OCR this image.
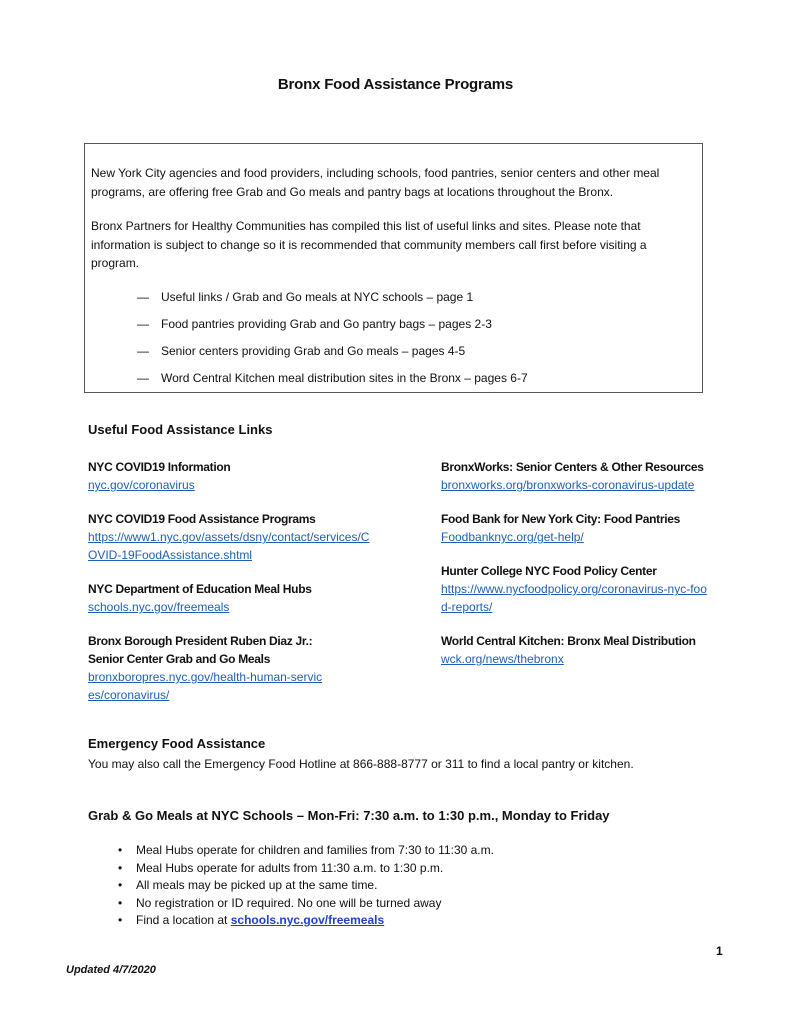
Bronx Food Assistance Programs

New York City agencies and food providers, including schools, food pantries, senior centers and other meal programs, are offering free Grab and Go meals and pantry bags at locations throughout the Bronx.

Bronx Partners for Healthy Communities has compiled this list of useful links and sites. Please note that information is subject to change so it is recommended that community members call first before visiting a program.

— Useful links / Grab and Go meals at NYC schools – page 1
— Food pantries providing Grab and Go pantry bags – pages 2-3
— Senior centers providing Grab and Go meals – pages 4-5
— Word Central Kitchen meal distribution sites in the Bronx – pages 6-7
Useful Food Assistance Links
NYC COVID19 Information
nyc.gov/coronavirus
NYC COVID19 Food Assistance Programs
https://www1.nyc.gov/assets/dsny/contact/services/COVID-19FoodAssistance.shtml
NYC Department of Education Meal Hubs
schools.nyc.gov/freemeals
Bronx Borough President Ruben Diaz Jr.: Senior Center Grab and Go Meals
bronxboropres.nyc.gov/health-human-services/coronavirus/
BronxWorks: Senior Centers & Other Resources
bronxworks.org/bronxworks-coronavirus-update
Food Bank for New York City: Food Pantries
Foodbanknyc.org/get-help/
Hunter College NYC Food Policy Center
https://www.nycfoodpolicy.org/coronavirus-nyc-food-reports/
World Central Kitchen: Bronx Meal Distribution
wck.org/news/thebronx
Emergency Food Assistance
You may also call the Emergency Food Hotline at 866-888-8777 or 311 to find a local pantry or kitchen.
Grab & Go Meals at NYC Schools – Mon-Fri: 7:30 a.m. to 1:30 p.m., Monday to Friday
• Meal Hubs operate for children and families from 7:30 to 11:30 a.m.
• Meal Hubs operate for adults from 11:30 a.m. to 1:30 p.m.
• All meals may be picked up at the same time.
• No registration or ID required. No one will be turned away
• Find a location at schools.nyc.gov/freemeals
1
Updated 4/7/2020
